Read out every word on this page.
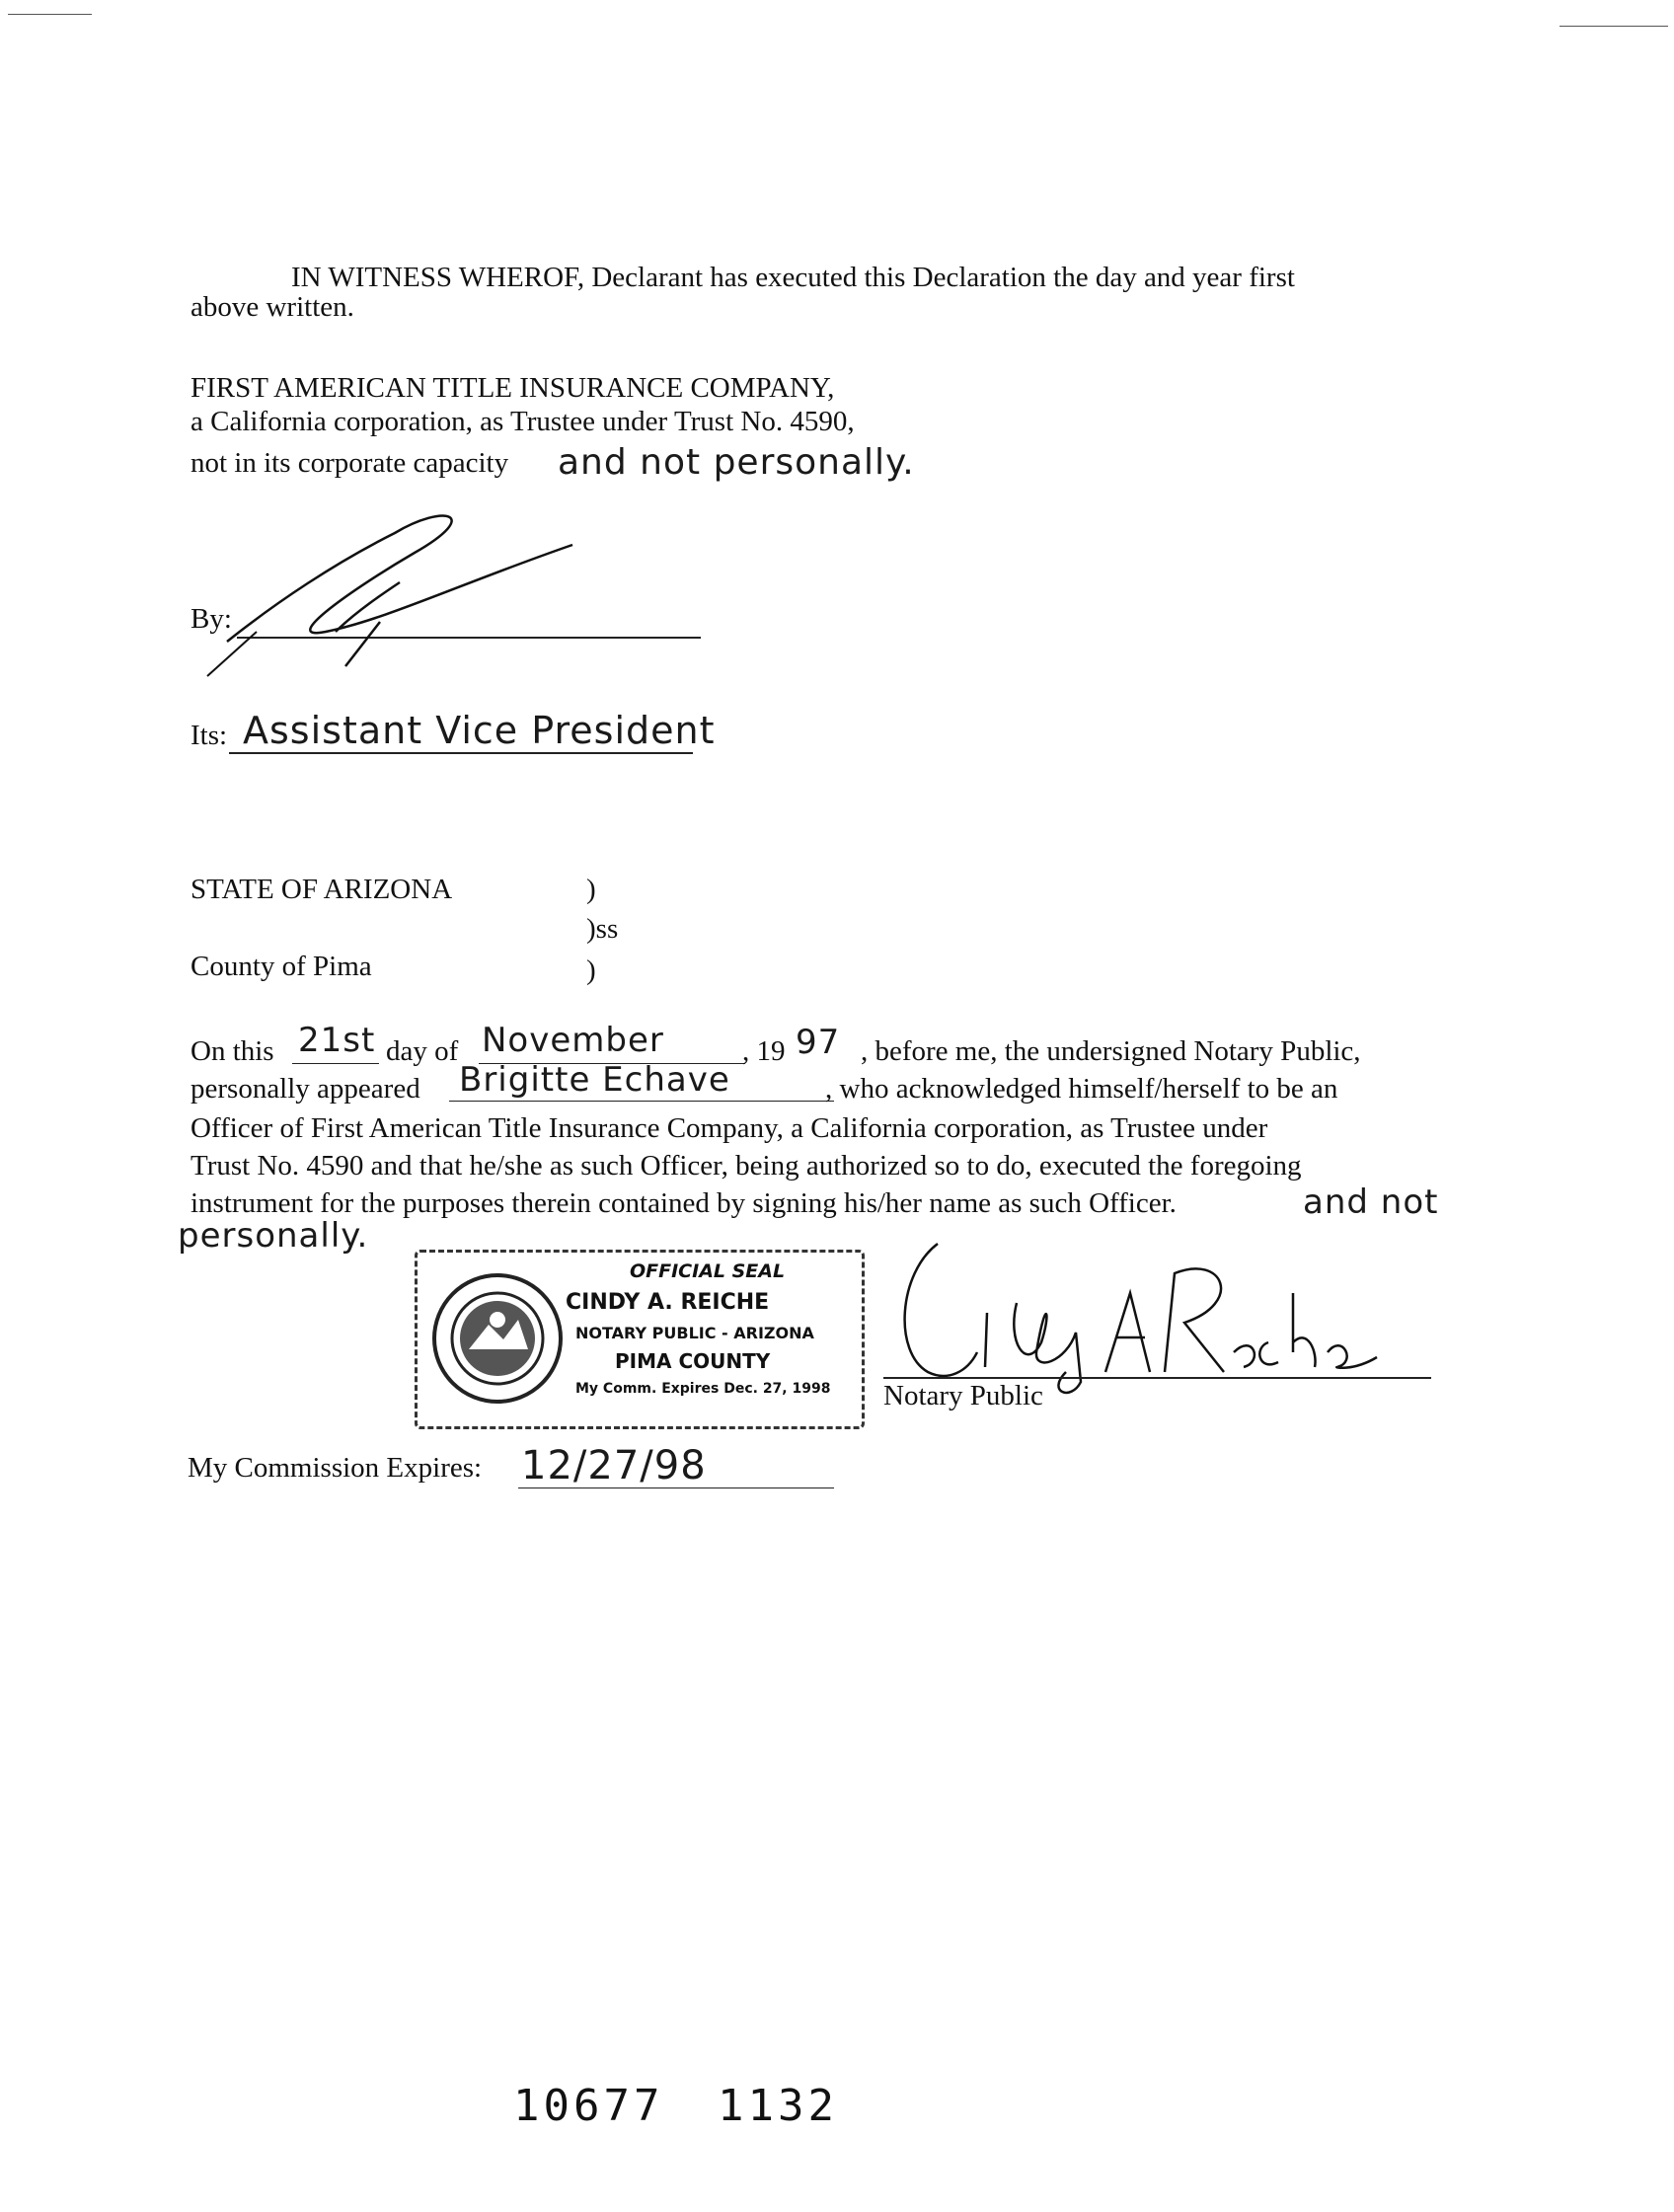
IN WITNESS WHEROF, Declarant has executed this Declaration the day and year first
above written.
FIRST AMERICAN TITLE INSURANCE COMPANY,
a California corporation, as Trustee under Trust No. 4590,
not in its corporate capacity and not personally.
By:
Its: Assistant Vice President
STATE OF ARIZONA	)
)ss
County of Pima	)
On this 21st day of November	, 19 97 , before me, the undersigned Notary Public,
personally appeared Brigitte Echave	, who acknowledged himself/herself to be an
Officer of First American Title Insurance Company, a California corporation, as Trustee under
Trust No. 4590 and that he/she as such Officer, being authorized so to do, executed the foregoing
instrument for the purposes therein contained by signing his/her name as such Officer.	and not
personally.
OFFICIAL SEAL
CINDY A. REICHE
NOTARY PUBLIC - ARIZONA
PIMA COUNTY
My Comm. Expires Dec. 27, 1998 Notary Public
My Commission Expires: 12/27/98
10677 1132
